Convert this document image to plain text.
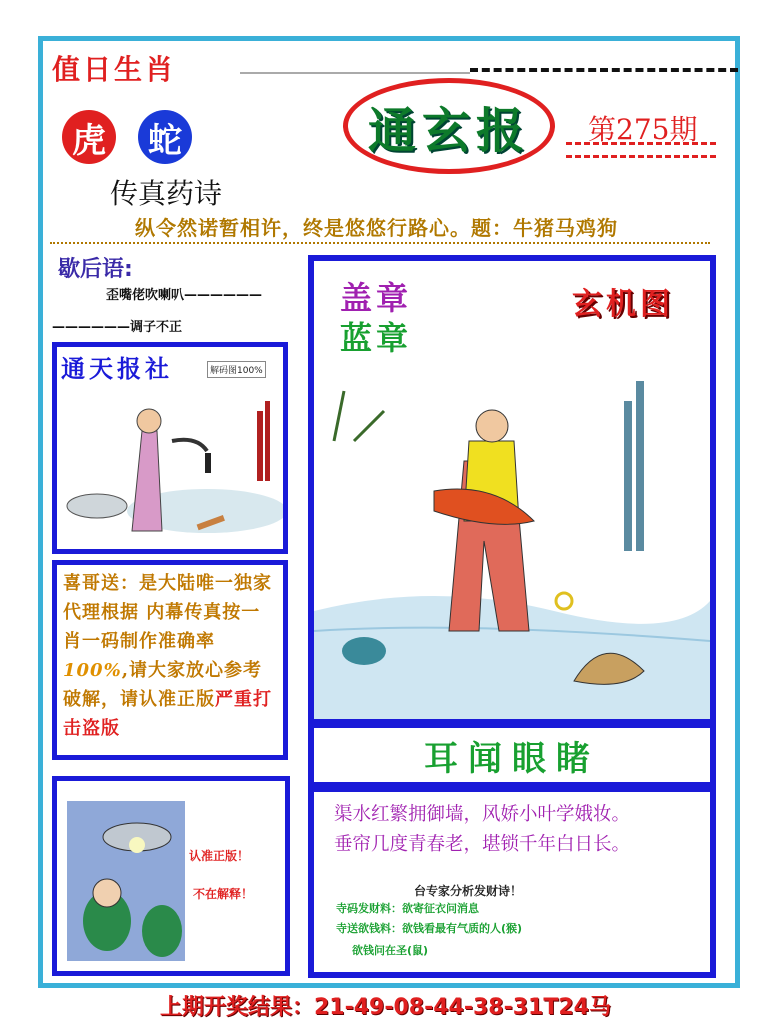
值日生肖
虎 蛇
传真药诗
通玄报 第275期
纵令然诺暂相许，终是悠悠行路心。题：牛猪马鸡狗
歇后语:
歪嘴佬吹喇叭——————
——————调子不正
通天报社	解码图100%
喜哥送：是大陆唯一独家代理根据 内幕传真按一肖一码制作准确率100%,请大家放心参考破解，请认准正版严重打击盗版
认准正版！
不在解释！
盖章
蓝章
玄机图
耳闻眼睹
渠水红繁拥御墙，风娇小叶学娥妆。
垂帘几度青春老，堪锁千年白日长。
台专家分析发财诗！
寺码发财料：欲寄征衣问消息
寺送欲钱料：欲钱看最有气质的人(猴)
欲钱问在圣(鼠)
上期开奖结果：21-49-08-44-38-31T24马
